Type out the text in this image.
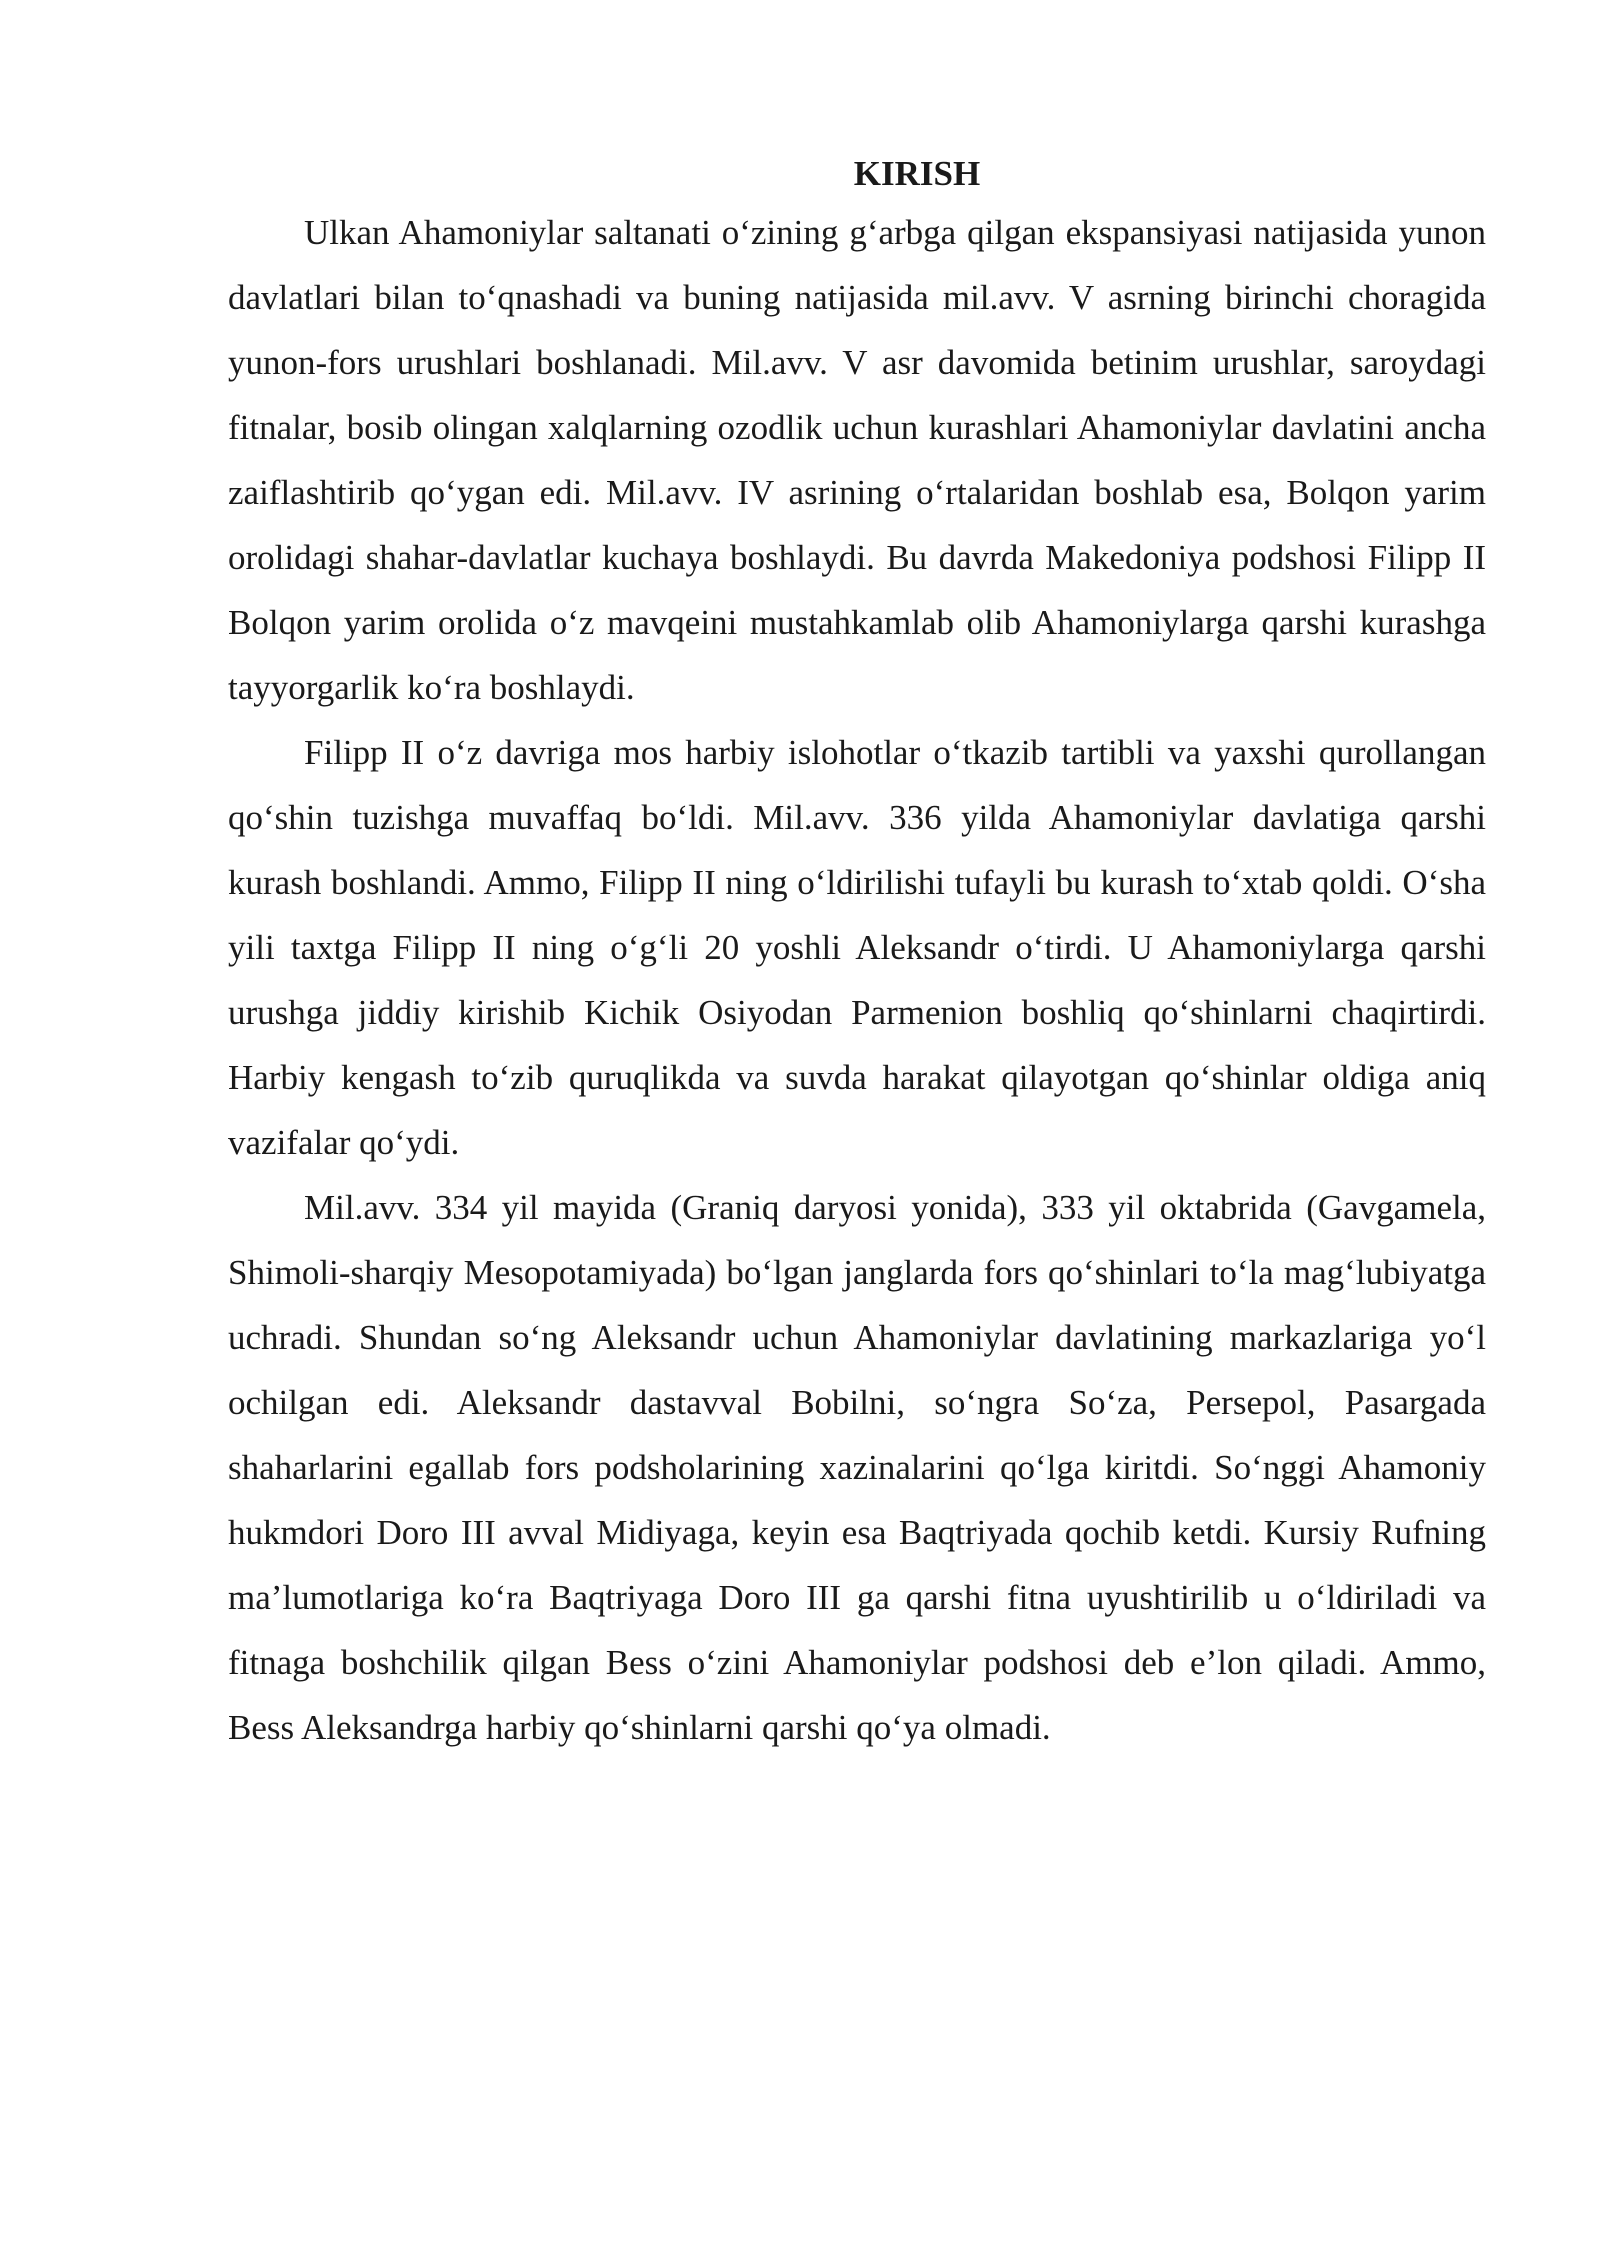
KIRISH

Ulkan Ahamoniylar saltanati o‘zining g‘arbga qilgan ekspansiyasi natijasida yunon davlatlari bilan to‘qnashadi va buning natijasida mil.avv. V asrning birinchi choragida yunon-fors urushlari boshlanadi. Mil.avv. V asr davomida betinim urushlar, saroydagi fitnalar, bosib olingan xalqlarning ozodlik uchun kurashlari Ahamoniylar davlatini ancha zaiflashtirib qo‘ygan edi. Mil.avv. IV asrining o‘rtalaridan boshlab esa, Bolqon yarim orolidagi shahar-davlatlar kuchaya boshlaydi. Bu davrda Makedoniya podshosi Filipp II Bolqon yarim orolida o‘z mavqeini mustahkamlab olib Ahamoniylarga qarshi kurashga tayyorgarlik ko‘ra boshlaydi.

Filipp II o‘z davriga mos harbiy islohotlar o‘tkazib tartibli va yaxshi qurollangan qo‘shin tuzishga muvaffaq bo‘ldi. Mil.avv. 336 yilda Ahamoniylar davlatiga qarshi kurash boshlandi. Ammo, Filipp II ning o‘ldirilishi tufayli bu kurash to‘xtab qoldi. O‘sha yili taxtga Filipp II ning o‘g‘li 20 yoshli Aleksandr o‘tirdi. U Ahamoniylarga qarshi urushga jiddiy kirishib Kichik Osiyodan Parmenion boshliq qo‘shinlarni chaqirtirdi. Harbiy kengash to‘zib quruqlikda va suvda harakat qilayotgan qo‘shinlar oldiga aniq vazifalar qo‘ydi.

Mil.avv. 334 yil mayida (Graniq daryosi yonida), 333 yil oktabrida (Gavgamela, Shimoli-sharqiy Mesopotamiyada) bo‘lgan janglarda fors qo‘shinlari to‘la mag‘lubiyatga uchradi. Shundan so‘ng Aleksandr uchun Ahamoniylar davlatining markazlariga yo‘l ochilgan edi. Aleksandr dastavval Bobilni, so‘ngra So‘za, Persepol, Pasargada shaharlarini egallab fors podsholarining xazinalarini qo‘lga kiritdi. So‘nggi Ahamoniy hukmdori Doro III avval Midiyaga, keyin esa Baqtriyada qochib ketdi. Kursiy Rufning ma’lumotlariga ko‘ra Baqtriyaga Doro III ga qarshi fitna uyushtirilib u o‘ldiriladi va fitnaga boshchilik qilgan Bess o‘zini Ahamoniylar podshosi deb e’lon qiladi. Ammo, Bess Aleksandrga harbiy qo‘shinlarni qarshi qo‘ya olmadi.
